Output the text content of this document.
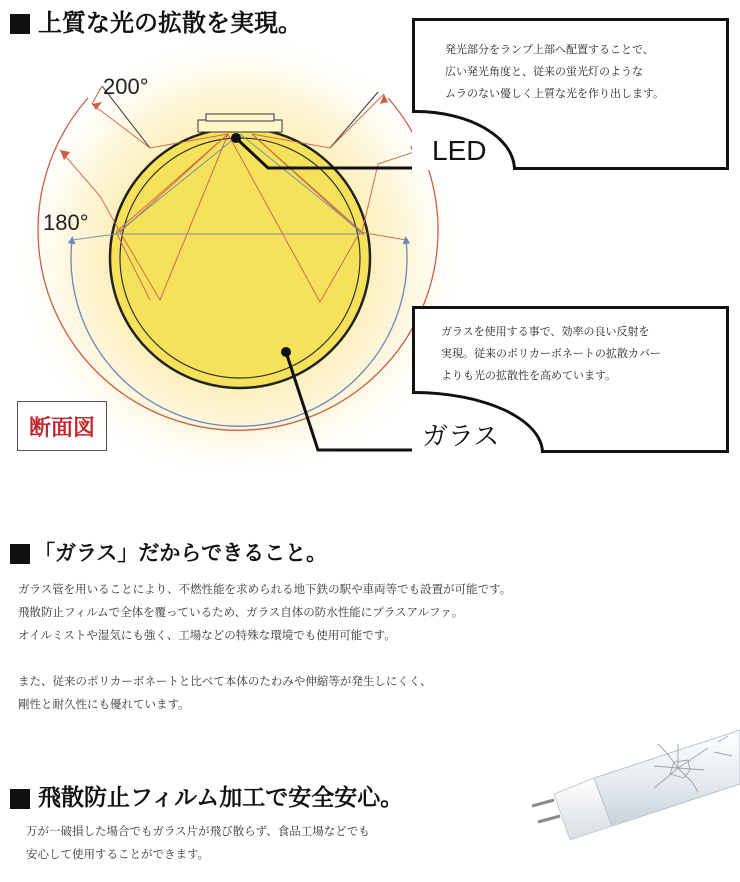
上質な光の拡散を実現。
200°
180°
断面図

発光部分をランプ上部へ配置することで、

広い発光角度と、従来の蛍光灯のような

ムラのない優しく上質な光を作り出します。

LED

ガラスを使用する事で、効率の良い反射を

実現。従来のポリカーボネートの拡散カバー

よりも光の拡散性を高めています。

ガラス
「ガラス」だからできること。

ガラス管を用いることにより、不燃性能を求められる地下鉄の駅や車両等でも設置が可能です。

飛散防止フィルムで全体を覆っているため、ガラス自体の防水性能にプラスアルファ。

オイルミストや湿気にも強く、工場などの特殊な環境でも使用可能です。

また、従来のポリカーボネートと比べて本体のたわみや伸縮等が発生しにくく、

剛性と耐久性にも優れています。

飛散防止フィルム加工で安全安心。

万が一破損した場合でもガラス片が飛び散らず、食品工場などでも

安心して使用することができます。
